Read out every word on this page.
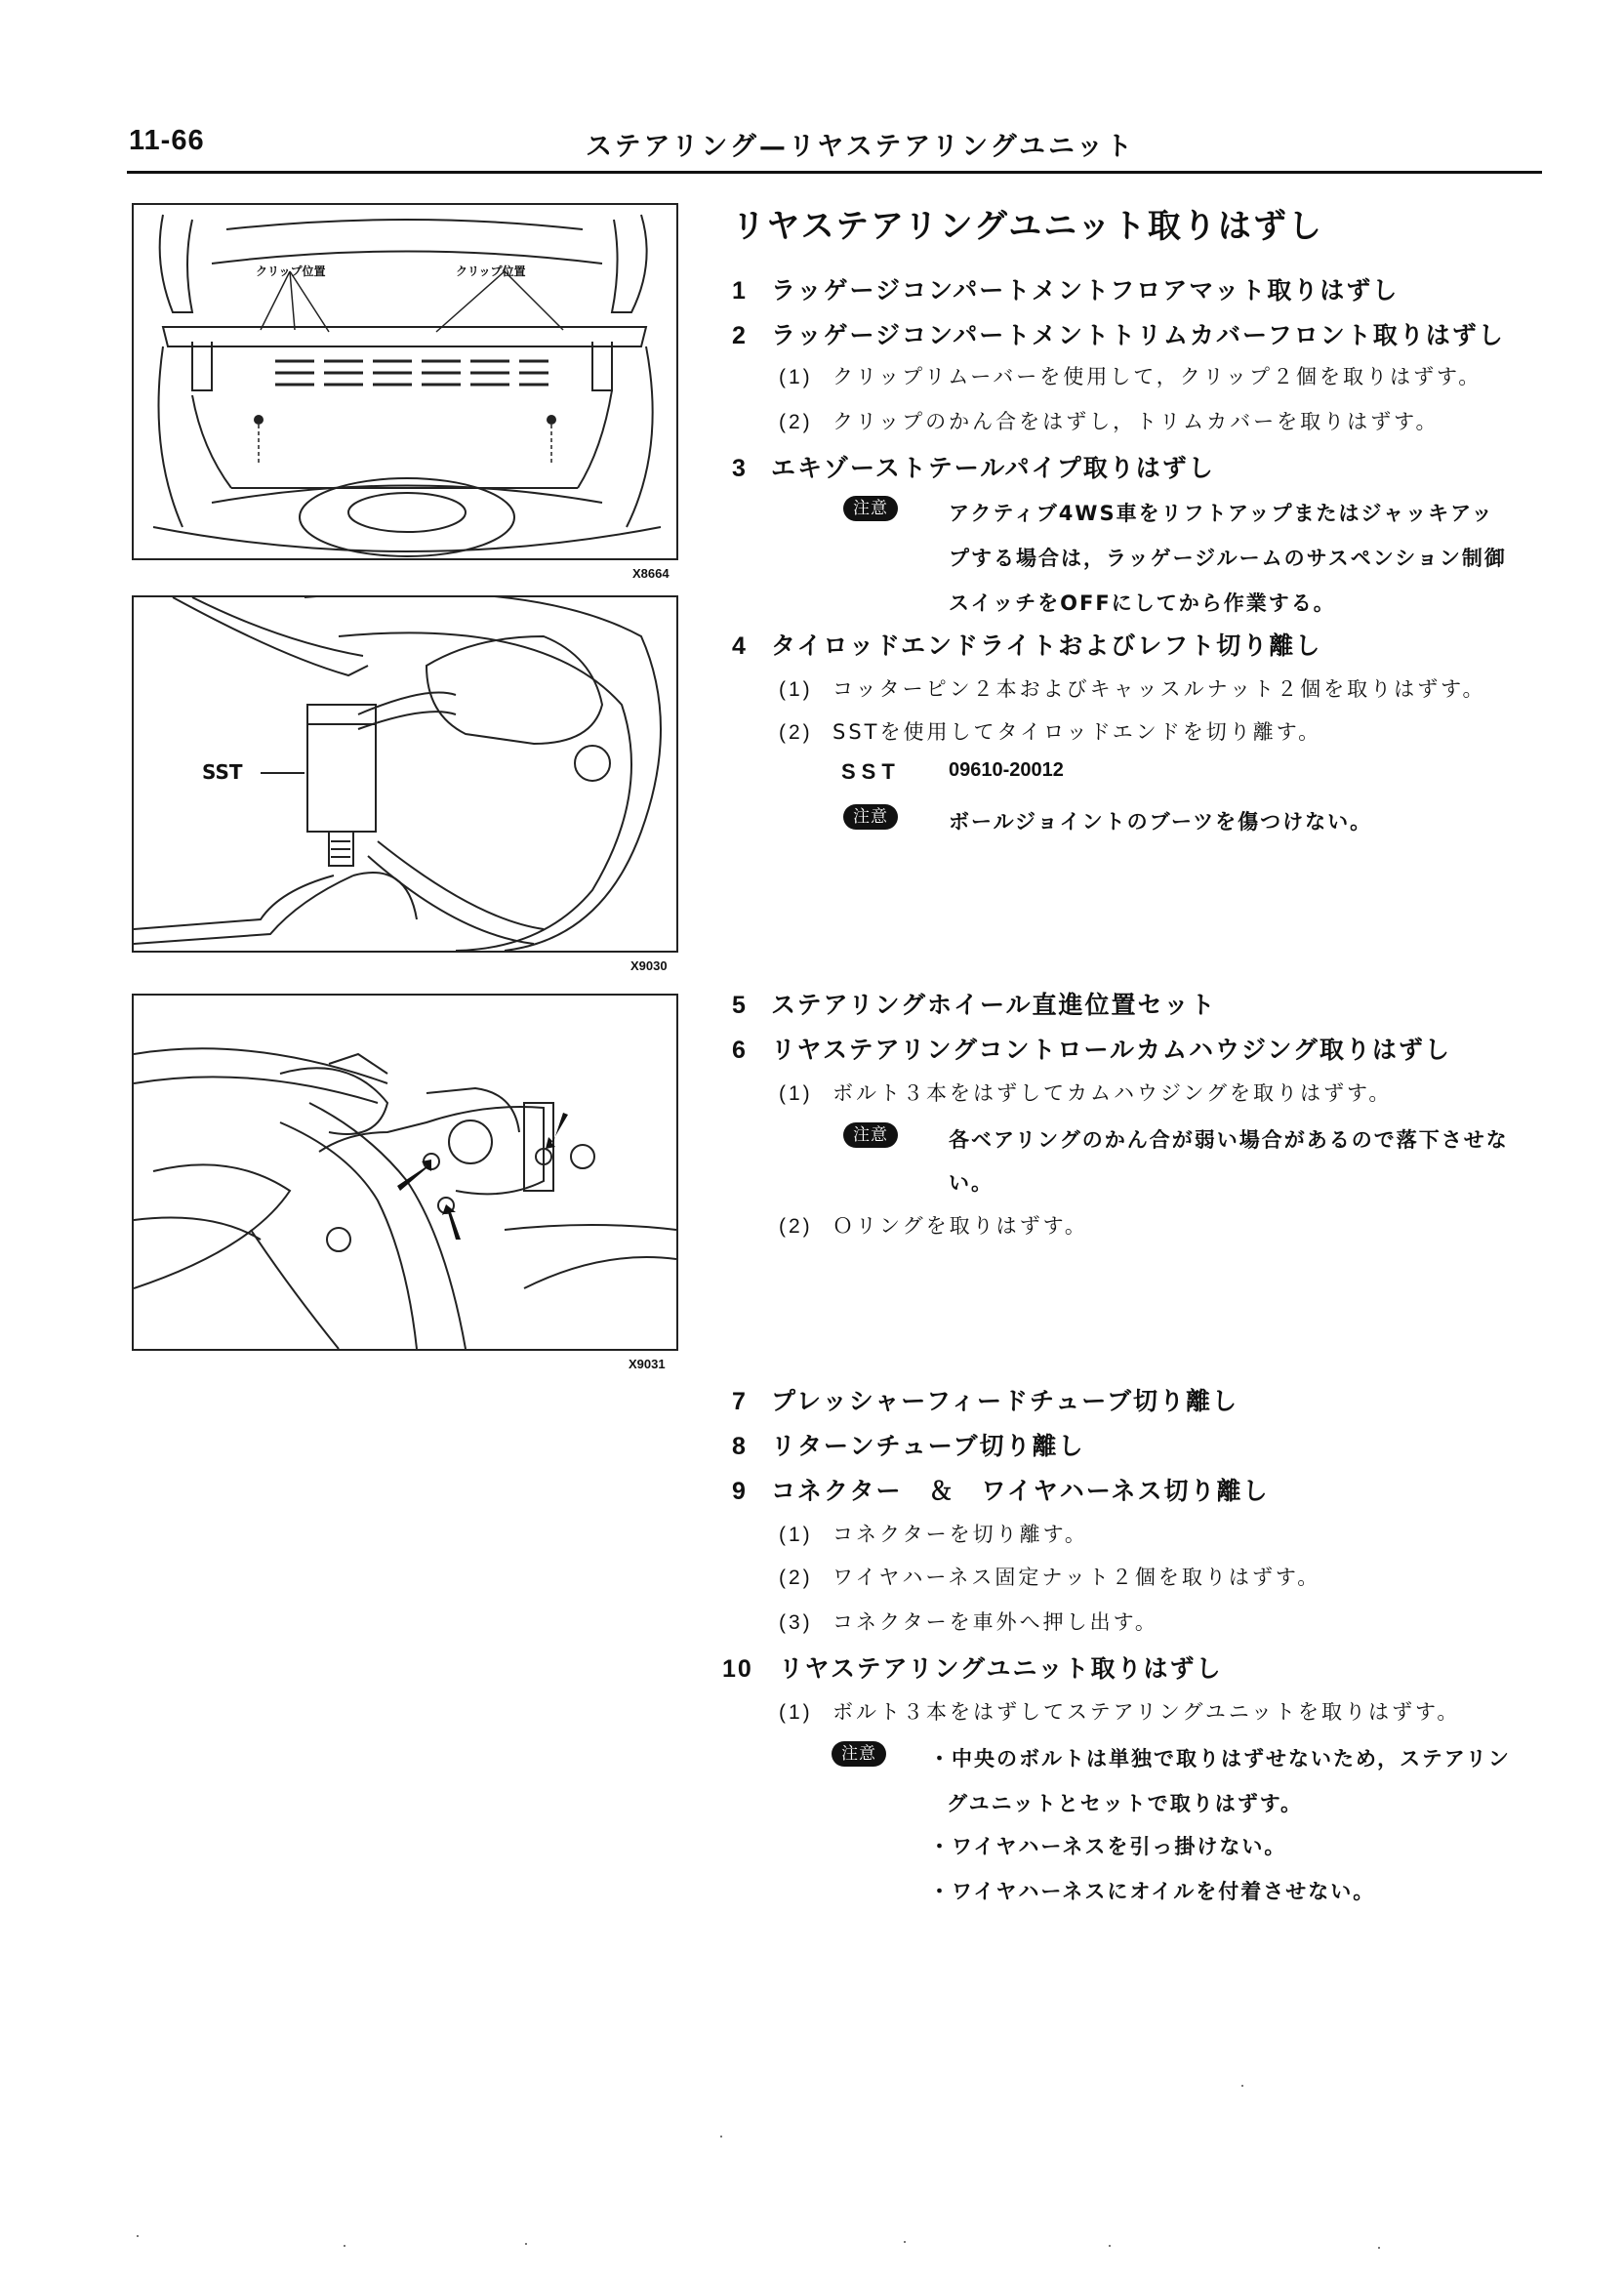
11-66	ステアリング—リヤステアリングユニット
クリップ位置	クリップ位置
X8664
SST
X9030
X9031
リヤステアリングユニット取りはずし
1 ラッゲージコンパートメントフロアマット取りはずし
2 ラッゲージコンパートメントトリムカバーフロント取りはずし
(1) クリップリムーバーを使用して，クリップ２個を取りはずす。
(2) クリップのかん合をはずし，トリムカバーを取りはずす。
3 エキゾーストテールパイプ取りはずし
注意	アクティブ4WS車をリフトアップまたはジャッキアッ
プする場合は，ラッゲージルームのサスペンション制御
スイッチをOFFにしてから作業する。
4 タイロッドエンドライトおよびレフト切り離し
(1) コッターピン２本およびキャッスルナット２個を取りはずす。
(2) SSTを使用してタイロッドエンドを切り離す。
SST 09610-20012
注意	ボールジョイントのブーツを傷つけない。
5 ステアリングホイール直進位置セット
6 リヤステアリングコントロールカムハウジング取りはずし
(1) ボルト３本をはずしてカムハウジングを取りはずす。
注意	各ベアリングのかん合が弱い場合があるので落下させな
い。
(2) Ｏリングを取りはずす。
7 プレッシャーフィードチューブ切り離し
8 リターンチューブ切り離し
9 コネクター　＆　ワイヤハーネス切り離し
(1) コネクターを切り離す。
(2) ワイヤハーネス固定ナット２個を取りはずす。
(3) コネクターを車外へ押し出す。
10 リヤステアリングユニット取りはずし
(1) ボルト３本をはずしてステアリングユニットを取りはずす。
注意	・中央のボルトは単独で取りはずせないため，ステアリン
グユニットとセットで取りはずす。
・ワイヤハーネスを引っ掛けない。
・ワイヤハーネスにオイルを付着させない。
